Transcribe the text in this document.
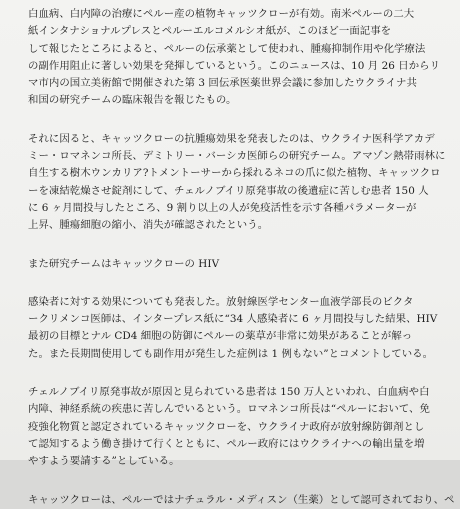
白血病、白内障の治療にペルー産の植物キャッツクローが有効。南米ペルーの二大
紙インタナショナルプレスとペルーエルコメルシオ紙が、このほど一面記事を
して報じたところによると、ペルーの伝承薬として使われ、腫瘍抑制作用や化学療法
の副作用阻止に著しい効果を発揮しているという。このニュースは、10 月 26 日からリ
マ市内の国立美術館で開催された第 3 回伝承医薬世界会議に参加したウクライナ共
和国の研究チームの臨床報告を報じたもの。

それに因ると、キャッツクローの抗腫瘍効果を発表したのは、ウクライナ医科学アカデ
ミー・ロマネンコ所長、デミトリー・バーシカ医師らの研究チーム。アマゾン熱帯雨林に
自生する樹木ウンカリア?トメントーサーから採れるネコの爪に似た植物、キャッツクロ
ーを凍結乾燥させ錠剤にして、チェルノブイリ原発事故の後遺症に苦しむ患者 150 人
に 6 ヶ月間投与したところ、9 割り以上の人が免疫活性を示す各種パラメーターが
上昇、腫瘍細胞の縮小、消失が確認されたという。

また研究チームはキャッツクローの HIV

感染者に対する効果についても発表した。放射線医学センター血液学部長のビクタ
ークリメンコ医師は、インタープレス紙に“34 人感染者に 6 ヶ月間投与した結果、HIV
最初の目標とナル CD4 細胞の防御にペルーの薬草が非常に効果があることが解っ
た。また長期間使用しても副作用が発生した症例は 1 例もない”とコメントしている。

チェルノブイリ原発事故が原因と見られている患者は 150 万人といわれ、白血病や白
内障、神経系統の疾患に苦しんでいるという。ロマネンコ所長は“ペルーにおいて、免
疫強化物質と認定されているキャッツクローを、ウクライナ政府が放射線防御剤とし
て認知するよう働き掛けて行くとともに、ペルー政府にはウクライナへの輸出量を増
やすよう要請する”としている。

キャッツクローは、ペルーではナチュラル・メディスン（生薬）として認可されており、ペ
